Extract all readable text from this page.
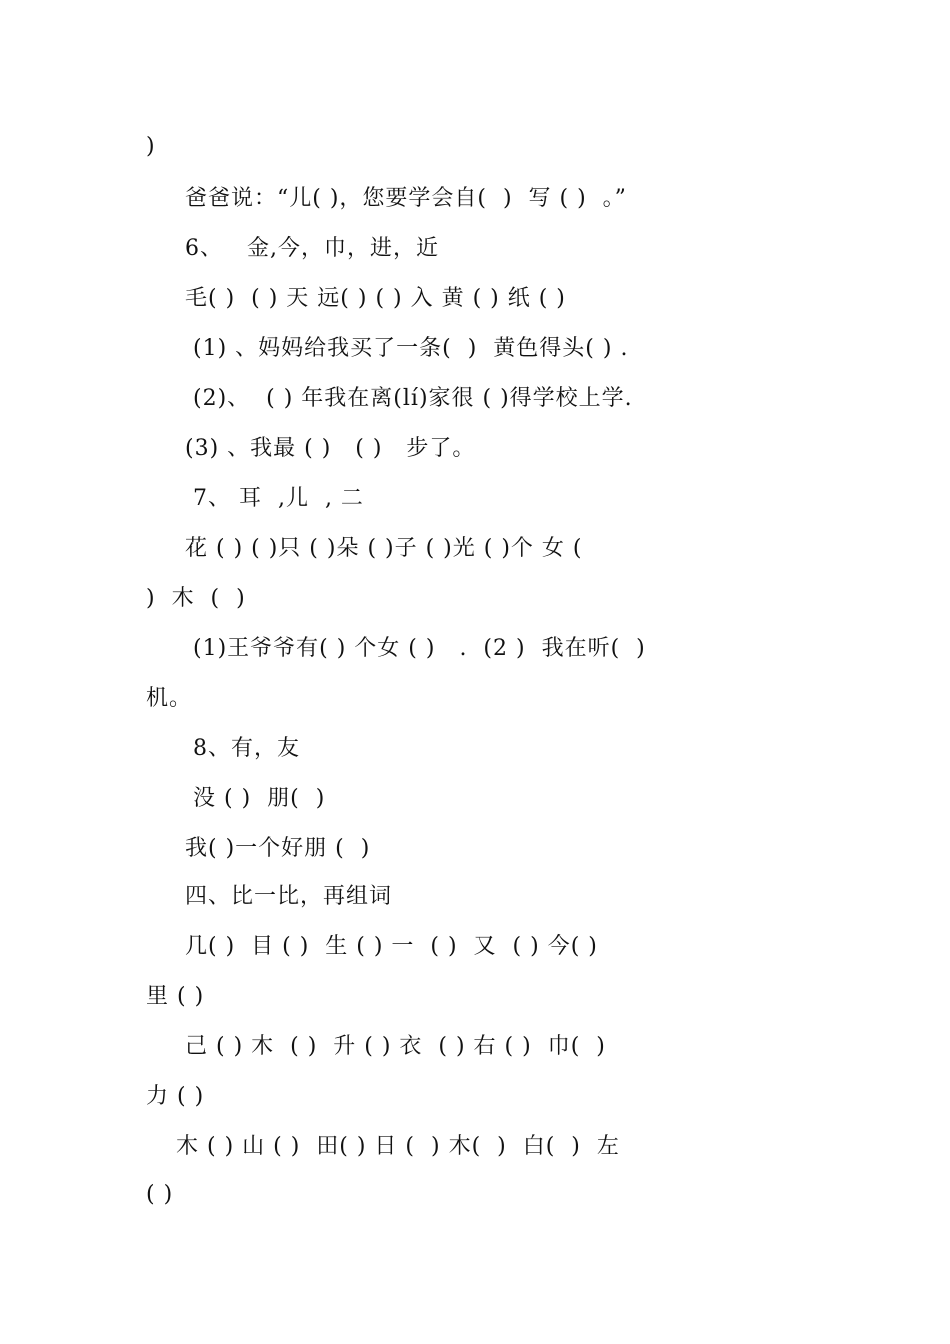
)
爸爸说：“儿( )，您要学会自(  )  写 ( )  。”
6、   金,今，巾，进，近
毛( )  ( ) 天 远( ) ( ) 入 黄 ( ) 纸 ( )
(1) 、妈妈给我买了一条(  )  黄色得头( ) .
(2)、  ( ) 年我在离(lí)家很 ( )得学校上学.
(3) 、我最 ( )   ( )   步了。
7、 耳  ,儿  , 二
花 ( ) ( )只 ( )朵 ( )子 ( )光 ( )个 女 (
)  木  (  )
(1)王爷爷有( ) 个女 ( )   .  (2 )  我在听(  )
机。
8、有，友
没 ( )  朋(  )
我( )一个好朋 (  )
四、比一比，再组词
几( )  目 ( )  生 ( ) 一  ( )  又  ( ) 今( )
里 ( )
己 ( ) 木  ( )  升 ( ) 衣  ( ) 右 ( )  巾(  )
力 ( )
木 ( ) 山 ( )  田( ) 日 (  ) 木(  )  白(  )  左
( )
